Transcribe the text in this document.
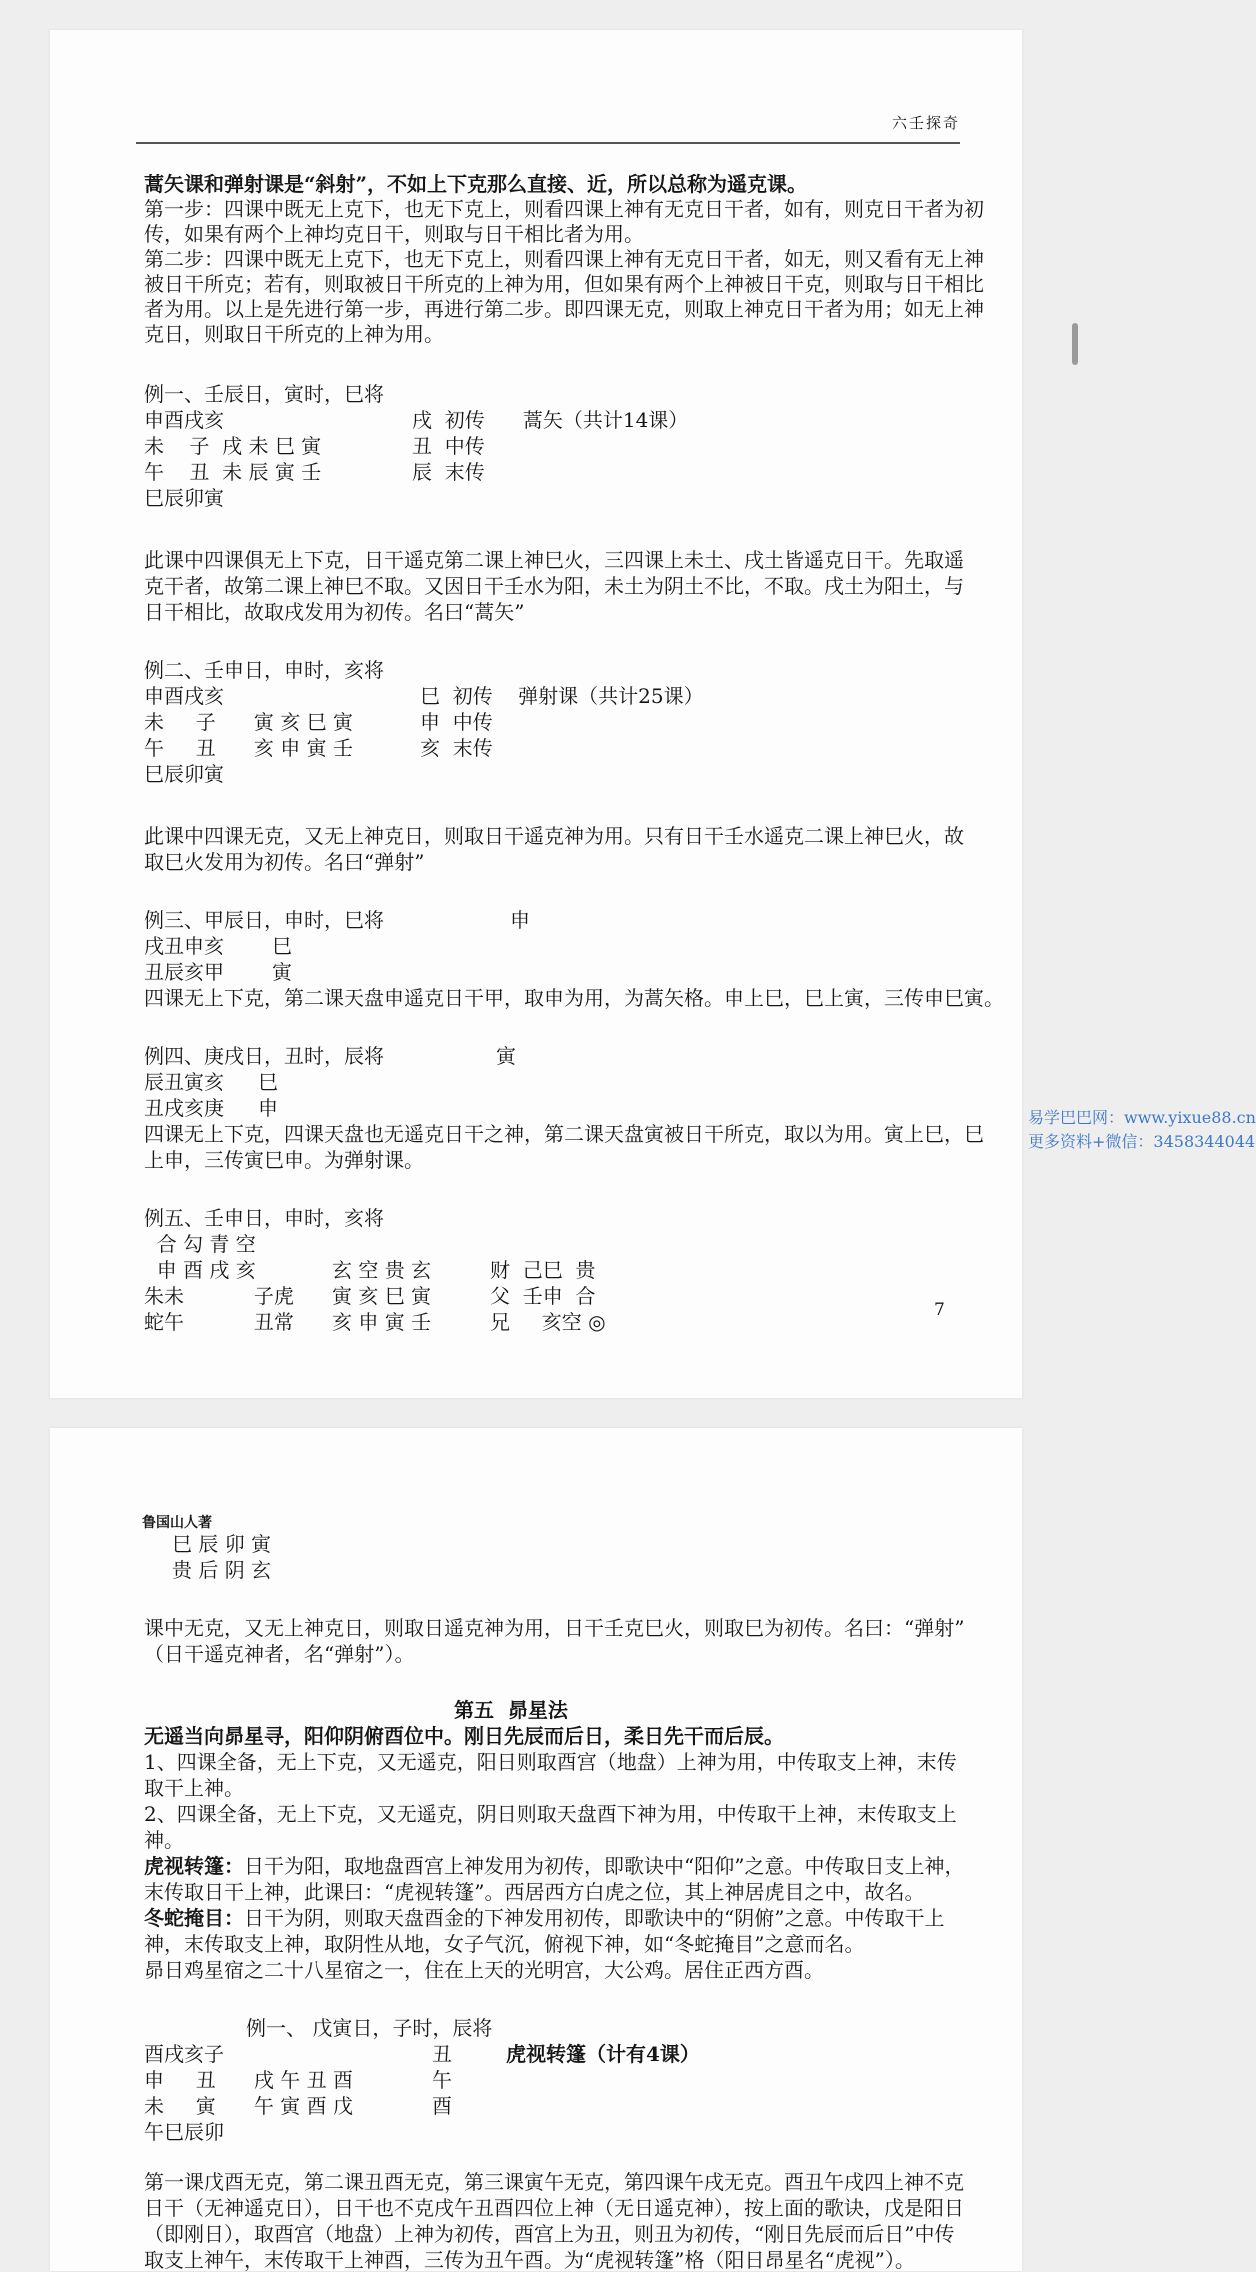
六壬探奇
蒿矢课和弹射课是“斜射”，不如上下克那么直接、近，所以总称为遥克课。
第一步：四课中既无上克下，也无下克上，则看四课上神有无克日干者，如有，则克日干者为初
传，如果有两个上神均克日干，则取与日干相比者为用。
第二步：四课中既无上克下，也无下克上，则看四课上神有无克日干者，如无，则又看有无上神
被日干所克；若有，则取被日干所克的上神为用，但如果有两个上神被日干克，则取与日干相比
者为用。以上是先进行第一步，再进行第二步。即四课无克，则取上神克日干者为用；如无上神
克日，则取日干所克的上神为用。
例一、壬辰日，寅时，巳将
申酉戌亥	戌  初传      蒿矢（共计14课）
未    子  戌 未 巳 寅	丑  中传
午    丑  未 辰 寅 壬	辰  末传
巳辰卯寅
此课中四课俱无上下克，日干遥克第二课上神巳火，三四课上未土、戌土皆遥克日干。先取遥
克干者，故第二课上神巳不取。又因日干壬水为阳，未土为阴土不比，不取。戌土为阳土，与
日干相比，故取戌发用为初传。名曰“蒿矢”
例二、壬申日，申时，亥将
申酉戌亥	巳  初传    弹射课（共计25课）
未     子      寅 亥 巳 寅	申  中传
午     丑      亥 申 寅 壬	亥  末传
巳辰卯寅
此课中四课无克，又无上神克日，则取日干遥克神为用。只有日干壬水遥克二课上神巳火，故
取巳火发用为初传。名曰“弹射”
例三、甲辰日，申时，巳将	申
戌丑申亥 巳
丑辰亥甲 寅
四课无上下克，第二课天盘申遥克日干甲，取申为用，为蒿矢格。申上巳，巳上寅，三传申巳寅。
例四、庚戌日，丑时，辰将	寅
辰丑寅亥 巳
丑戌亥庚 申
四课无上下克，四课天盘也无遥克日干之神，第二课天盘寅被日干所克，取以为用。寅上巳，巳
上申，三传寅巳申。为弹射课。
例五、壬申日，申时，亥将
合 勾 青 空
申 酉 戌 亥	玄 空 贵 玄	财  己巳  贵
朱未           子虎 寅 亥 巳 寅	父  壬申  合
蛇午           丑常 亥 申 寅 壬	兄     亥空 ◎	7
易学巴巴网：www.yixue88.cn
更多资料+微信：3458344044
鲁国山人著
巳 辰 卯 寅
贵 后 阴 玄
课中无克，又无上神克日，则取日遥克神为用，日干壬克巳火，则取巳为初传。名曰：“弹射”
（日干遥克神者，名“弹射”）。
第五  昴星法
无遥当向昴星寻，阳仰阴俯酉位中。刚日先辰而后日，柔日先干而后辰。
1、四课全备，无上下克，又无遥克，阳日则取酉宫（地盘）上神为用，中传取支上神，末传
取干上神。
2、四课全备，无上下克，又无遥克，阴日则取天盘酉下神为用，中传取干上神，末传取支上
神。
虎视转篷：日干为阳，取地盘酉宫上神发用为初传，即歌诀中“阳仰”之意。中传取日支上神，
末传取日干上神，此课曰：“虎视转篷”。西居西方白虎之位，其上神居虎目之中，故名。
冬蛇掩目：日干为阴，则取天盘酉金的下神发用初传，即歌诀中的“阴俯”之意。中传取干上
神，末传取支上神，取阴性从地，女子气沉，俯视下神，如“冬蛇掩目”之意而名。
昴日鸡星宿之二十八星宿之一，住在上天的光明宫，大公鸡。居住正西方酉。
例一、 戊寅日，子时，辰将
酉戌亥子	丑	虎视转篷（计有4课）
申     丑      戌 午 丑 酉	午
未     寅      午 寅 酉 戊	酉
午巳辰卯
第一课戊酉无克，第二课丑酉无克，第三课寅午无克，第四课午戌无克。酉丑午戌四上神不克
日干（无神遥克日），日干也不克戌午丑酉四位上神（无日遥克神），按上面的歌诀，戊是阳日
（即刚日），取酉宫（地盘）上神为初传，酉宫上为丑，则丑为初传，“刚日先辰而后日”中传
取支上神午，末传取干上神酉，三传为丑午酉。为“虎视转篷”格（阳日昂星名“虎视”）。
